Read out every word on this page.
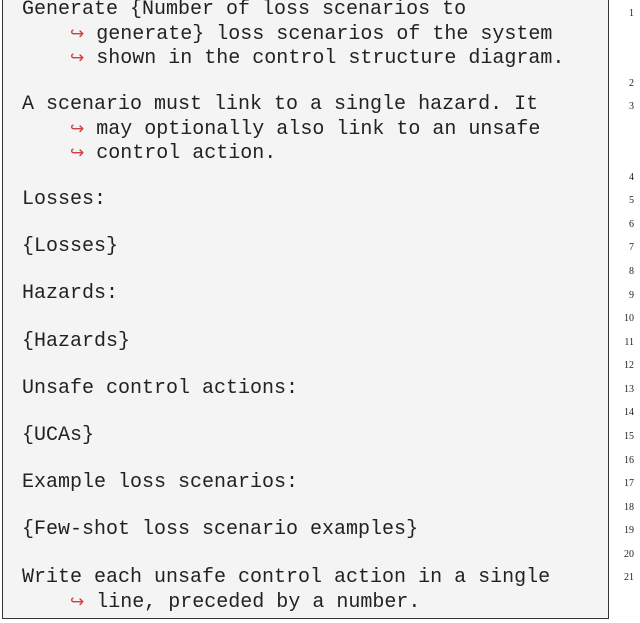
Generate {Number of loss scenarios to
↪ generate} loss scenarios of the system
↪ shown in the control structure diagram.
A scenario must link to a single hazard. It
↪ may optionally also link to an unsafe
↪ control action.
Losses:
{Losses}
Hazards:
{Hazards}
Unsafe control actions:
{UCAs}
Example loss scenarios:
{Few-shot loss scenario examples}
Write each unsafe control action in a single
↪ line, preceded by a number.
1
2
3
4
5
6
7
8
9
10
11
12
13
14
15
16
17
18
19
20
21
